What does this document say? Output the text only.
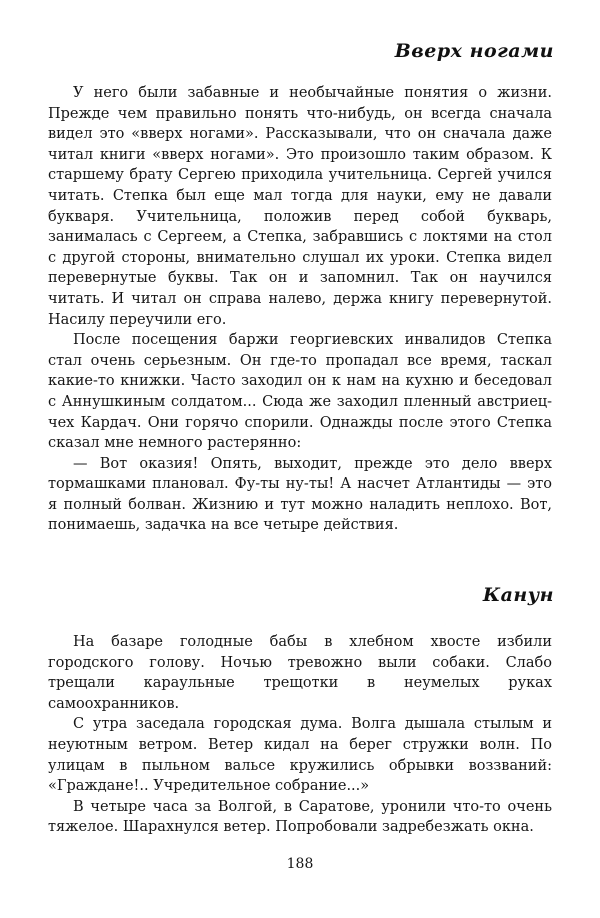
Вверх ногами

У него были забавные и необычайные понятия о жизни. Прежде чем правильно понять что-нибудь, он всегда сначала видел это «вверх ногами». Рассказывали, что он сначала даже читал книги «вверх ногами». Это произошло таким образом. К старшему брату Сергею приходила учительница. Сергей учился читать. Степка был еще мал тогда для науки, ему не давали букваря. Учительница, положив перед собой букварь, занималась с Сергеем, а Степка, забравшись с локтями на стол с другой стороны, внимательно слушал их уроки. Степка видел перевернутые буквы. Так он и запомнил. Так он научился читать. И читал он справа налево, держа книгу перевернутой. Насилу переучили его.

После посещения баржи георгиевских инвалидов Степка стал очень серьезным. Он где-то пропадал все время, таскал какие-то книжки. Часто заходил он к нам на кухню и беседовал с Аннушкиным солдатом... Сюда же заходил пленный австриец-чех Кардач. Они горячо спорили. Однажды после этого Степка сказал мне немного растерянно:

— Вот оказия! Опять, выходит, прежде это дело вверх тормашками плановал. Фу-ты ну-ты! А насчет Атлантиды — это я полный болван. Жизнию и тут можно наладить неплохо. Вот, понимаешь, задачка на все четыре действия.

Канун

На базаре голодные бабы в хлебном хвосте избили городского голову. Ночью тревожно выли собаки. Слабо трещали караульные трещотки в неумелых руках самоохранников.

С утра заседала городская дума. Волга дышала стылым и неуютным ветром. Ветер кидал на берег стружки волн. По улицам в пыльном вальсе кружились обрывки воззваний: «Граждане!.. Учредительное собрание...»

В четыре часа за Волгой, в Саратове, уронили что-то очень тяжелое. Шарахнулся ветер. Попробовали задребезжать окна.

188
